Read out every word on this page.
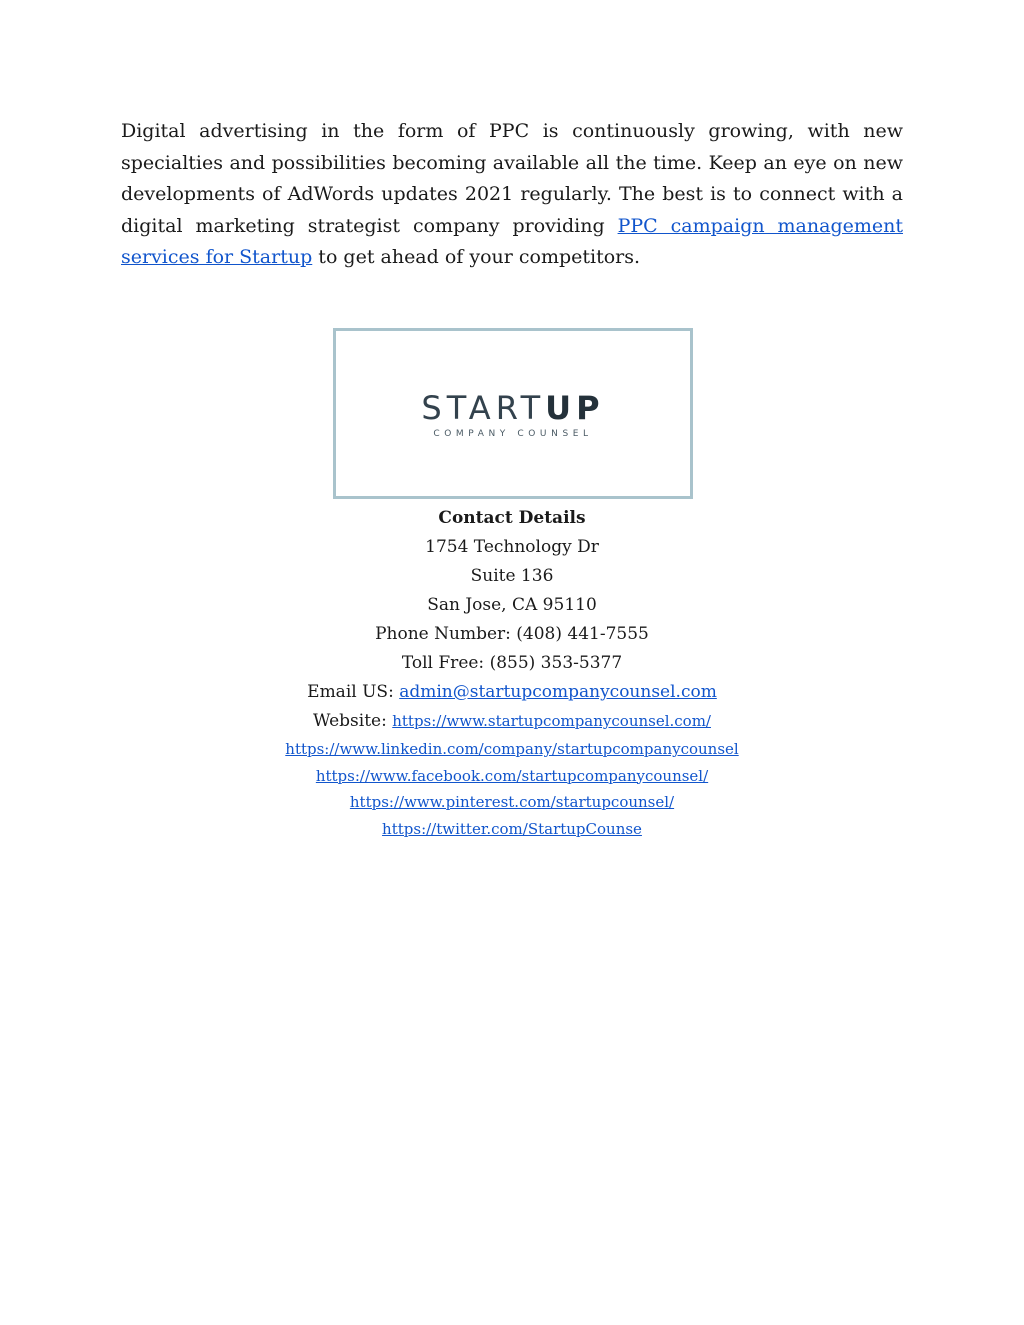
Digital advertising in the form of PPC is continuously growing, with new specialties and possibilities becoming available all the time. Keep an eye on new developments of AdWords updates 2021 regularly. The best is to connect with a digital marketing strategist company providing PPC campaign management services for Startup to get ahead of your competitors.

STARTUP
COMPANY COUNSEL
Contact Details
1754 Technology Dr
Suite 136
San Jose, CA 95110
Phone Number: (408) 441-7555
Toll Free: (855) 353-5377
Email US: admin@startupcompanycounsel.com
Website: https://www.startupcompanycounsel.com/
https://www.linkedin.com/company/startupcompanycounsel
https://www.facebook.com/startupcompanycounsel/
https://www.pinterest.com/startupcounsel/
https://twitter.com/StartupCounse
